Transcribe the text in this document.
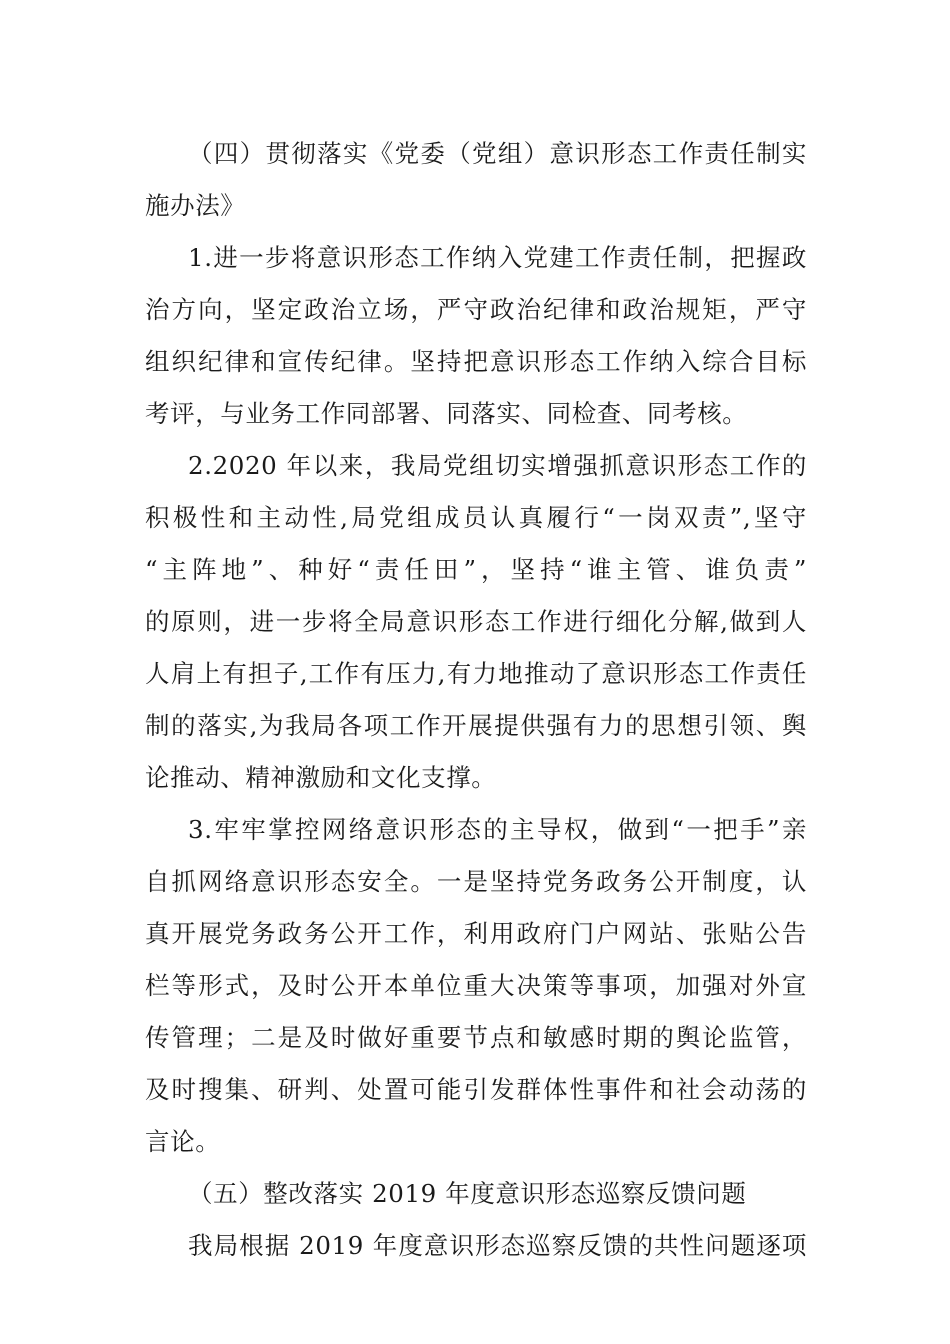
（四）贯彻落实《党委（党组）意识形态工作责任制实
施办法》
1.进一步将意识形态工作纳入党建工作责任制，把握政
治方向，坚定政治立场，严守政治纪律和政治规矩，严守
组织纪律和宣传纪律。坚持把意识形态工作纳入综合目标
考评，与业务工作同部署、同落实、同检查、同考核。
2.2020 年以来，我局党组切实增强抓意识形态工作的
积极性和主动性,局党组成员认真履行“一岗双责”,坚守
“主阵地”、种好“责任田”，坚持“谁主管、谁负责”
的原则，进一步将全局意识形态工作进行细化分解,做到人
人肩上有担子,工作有压力,有力地推动了意识形态工作责任
制的落实,为我局各项工作开展提供强有力的思想引领、舆
论推动、精神激励和文化支撑。
3.牢牢掌控网络意识形态的主导权，做到“一把手”亲
自抓网络意识形态安全。一是坚持党务政务公开制度，认
真开展党务政务公开工作，利用政府门户网站、张贴公告
栏等形式，及时公开本单位重大决策等事项，加强对外宣
传管理；二是及时做好重要节点和敏感时期的舆论监管，
及时搜集、研判、处置可能引发群体性事件和社会动荡的
言论。
（五）整改落实 2019 年度意识形态巡察反馈问题
我局根据 2019 年度意识形态巡察反馈的共性问题逐项
